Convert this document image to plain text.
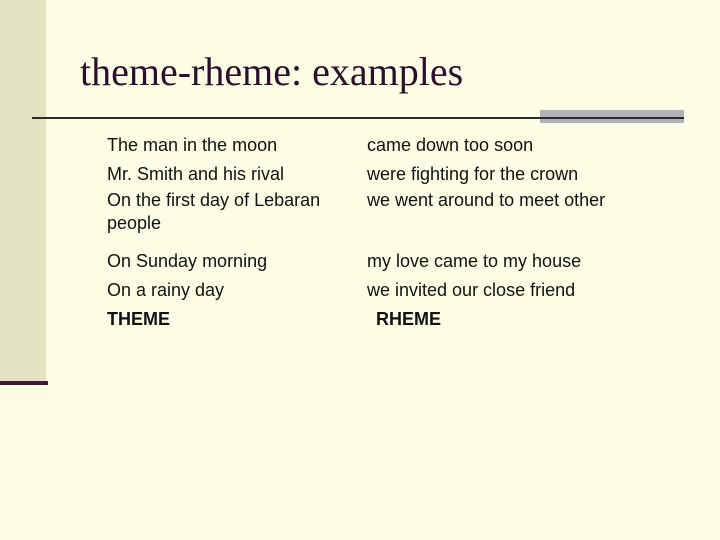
theme-rheme: examples
The man in the moon
Mr. Smith and his rival
On the first day of Lebaran people
On Sunday morning
On a rainy day
THEME
came down too soon
were fighting for the crown
we went around to meet other
my love came to my house
we invited our close friend
RHEME
